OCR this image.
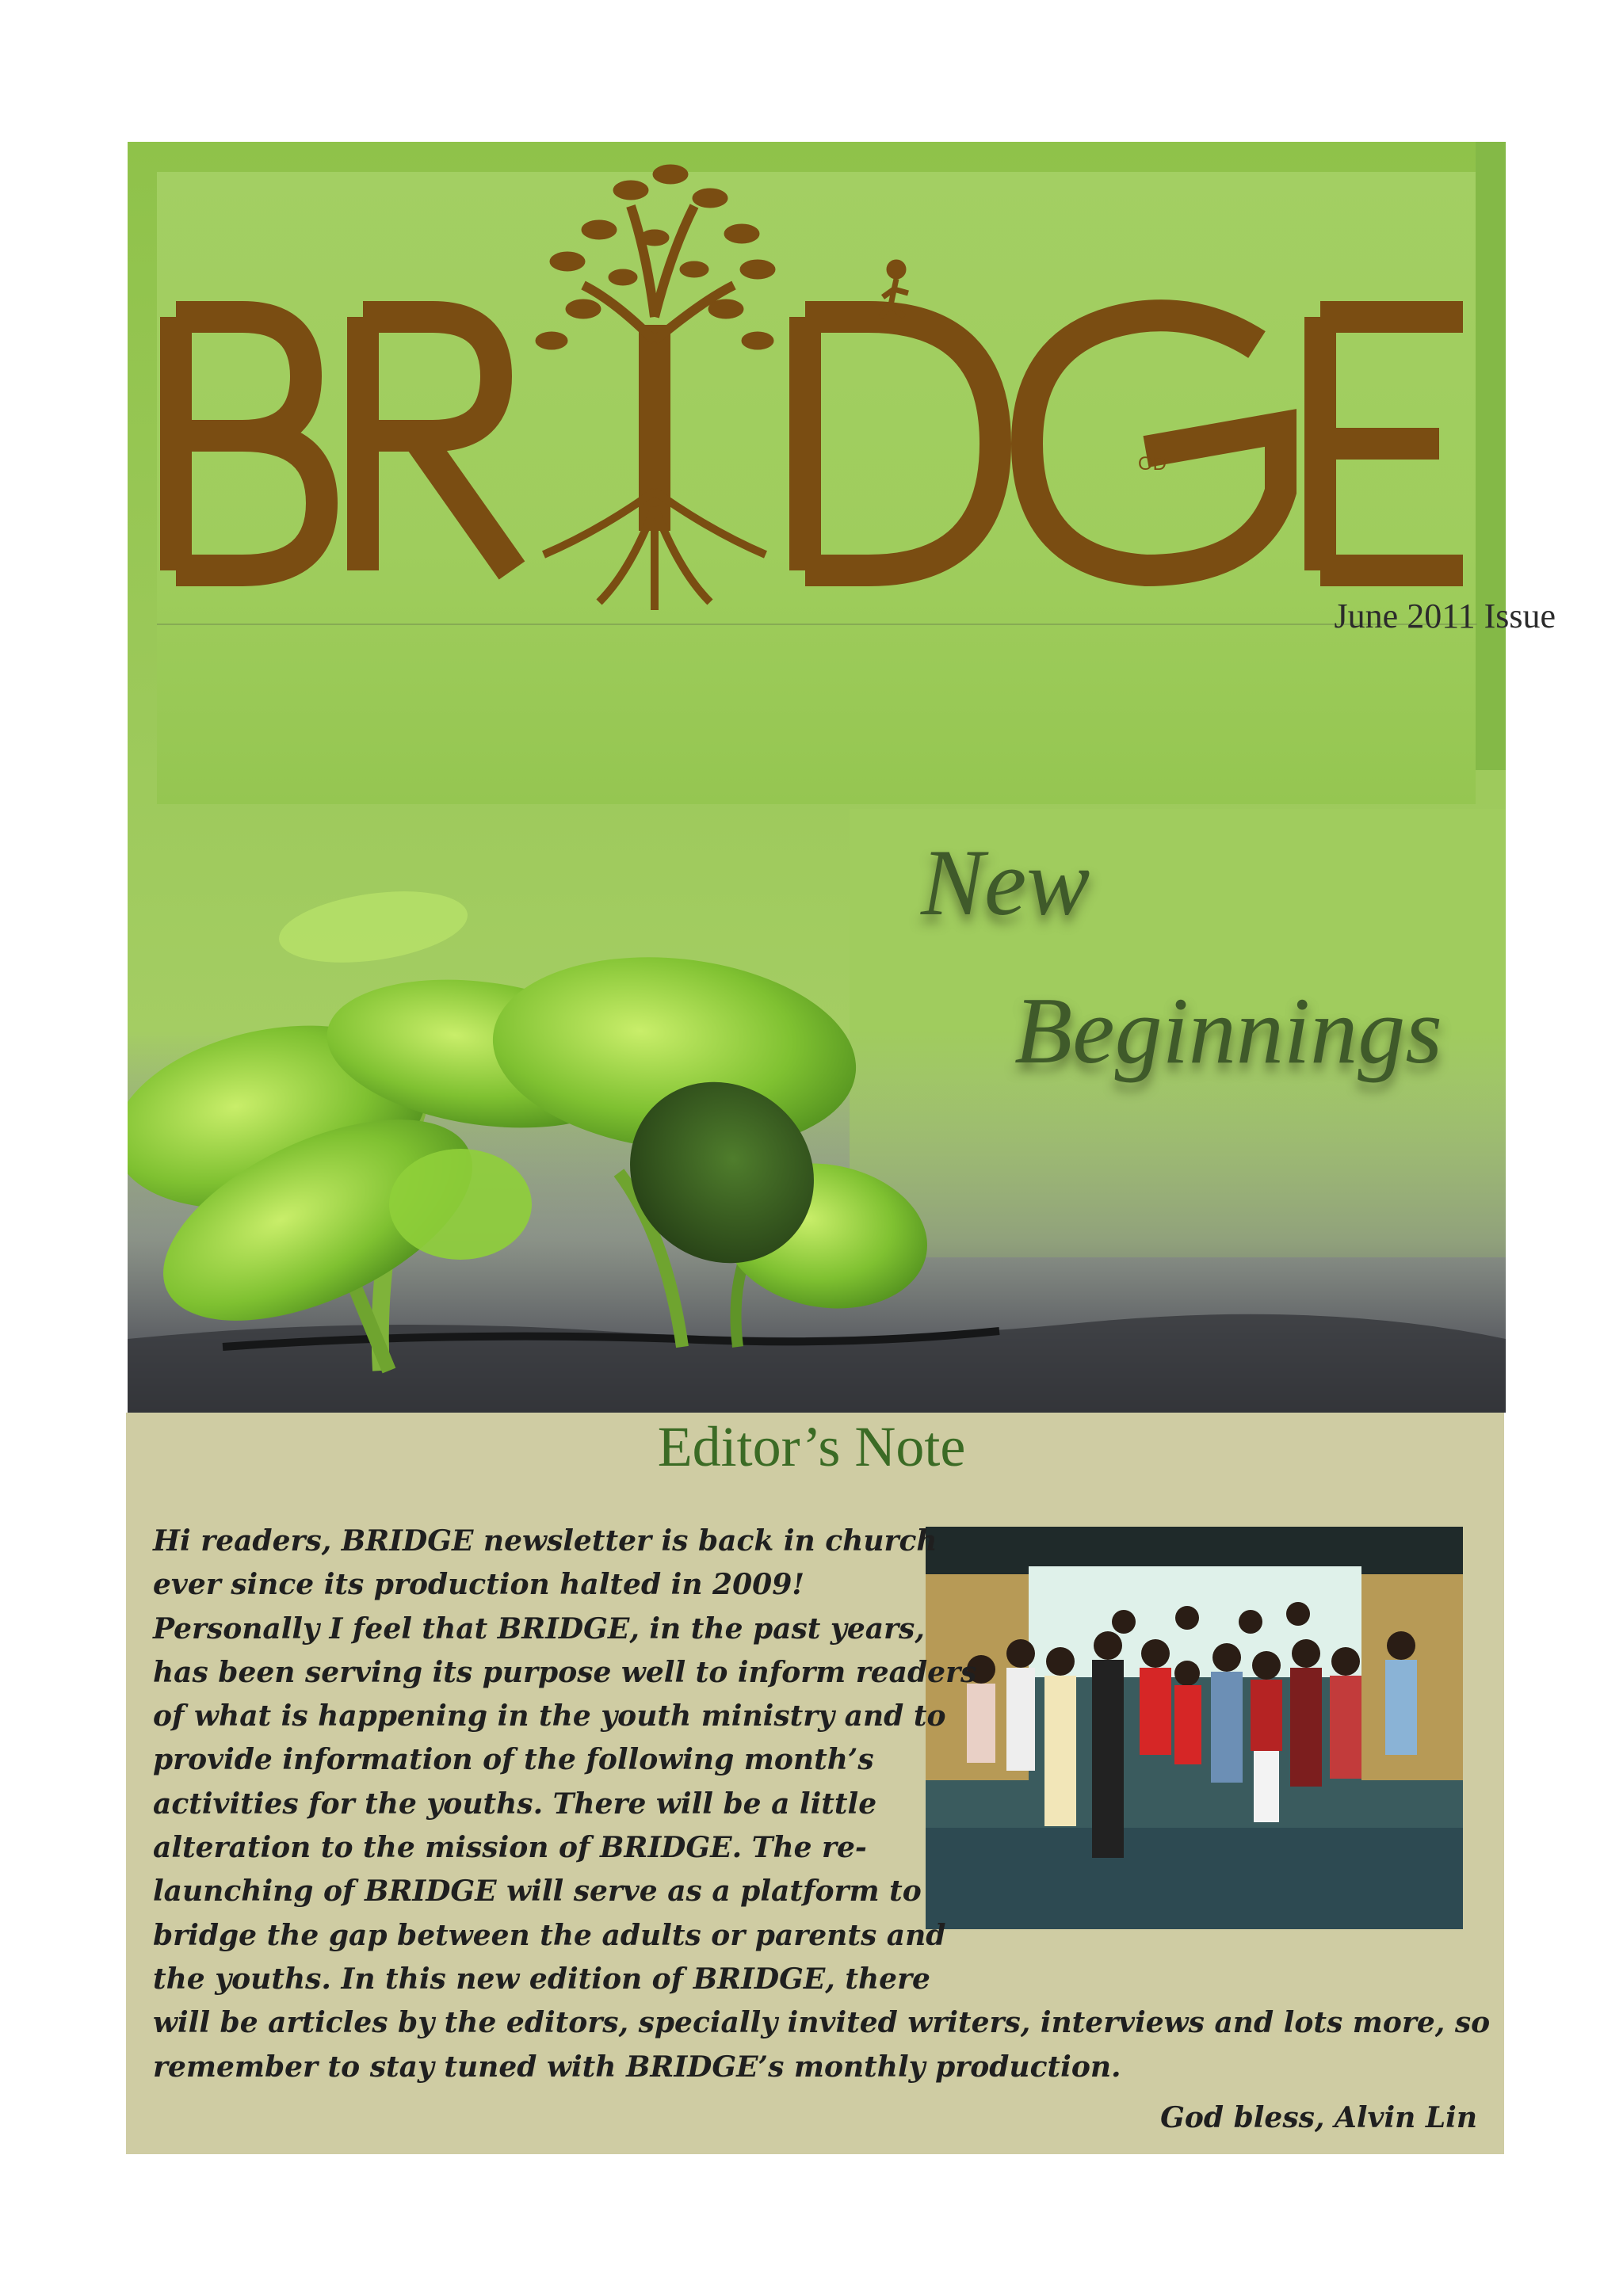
OD
June 2011 Issue
New
Beginnings
Editor’s Note
Hi readers, BRIDGE newsletter is back in church
ever since its production halted in 2009!
Personally I feel that BRIDGE, in the past years,
has been serving its purpose well to inform readers
of what is happening in the youth ministry and to
provide information of the following month’s
activities for the youths. There will be a little
alteration to the mission of BRIDGE. The re-
launching of BRIDGE will serve as a platform to
bridge the gap between the adults or parents and
the youths. In this new edition of BRIDGE, there
will be articles by the editors, specially invited writers, interviews and lots more, so
remember to stay tuned with BRIDGE’s monthly production.
God bless, Alvin Lin
